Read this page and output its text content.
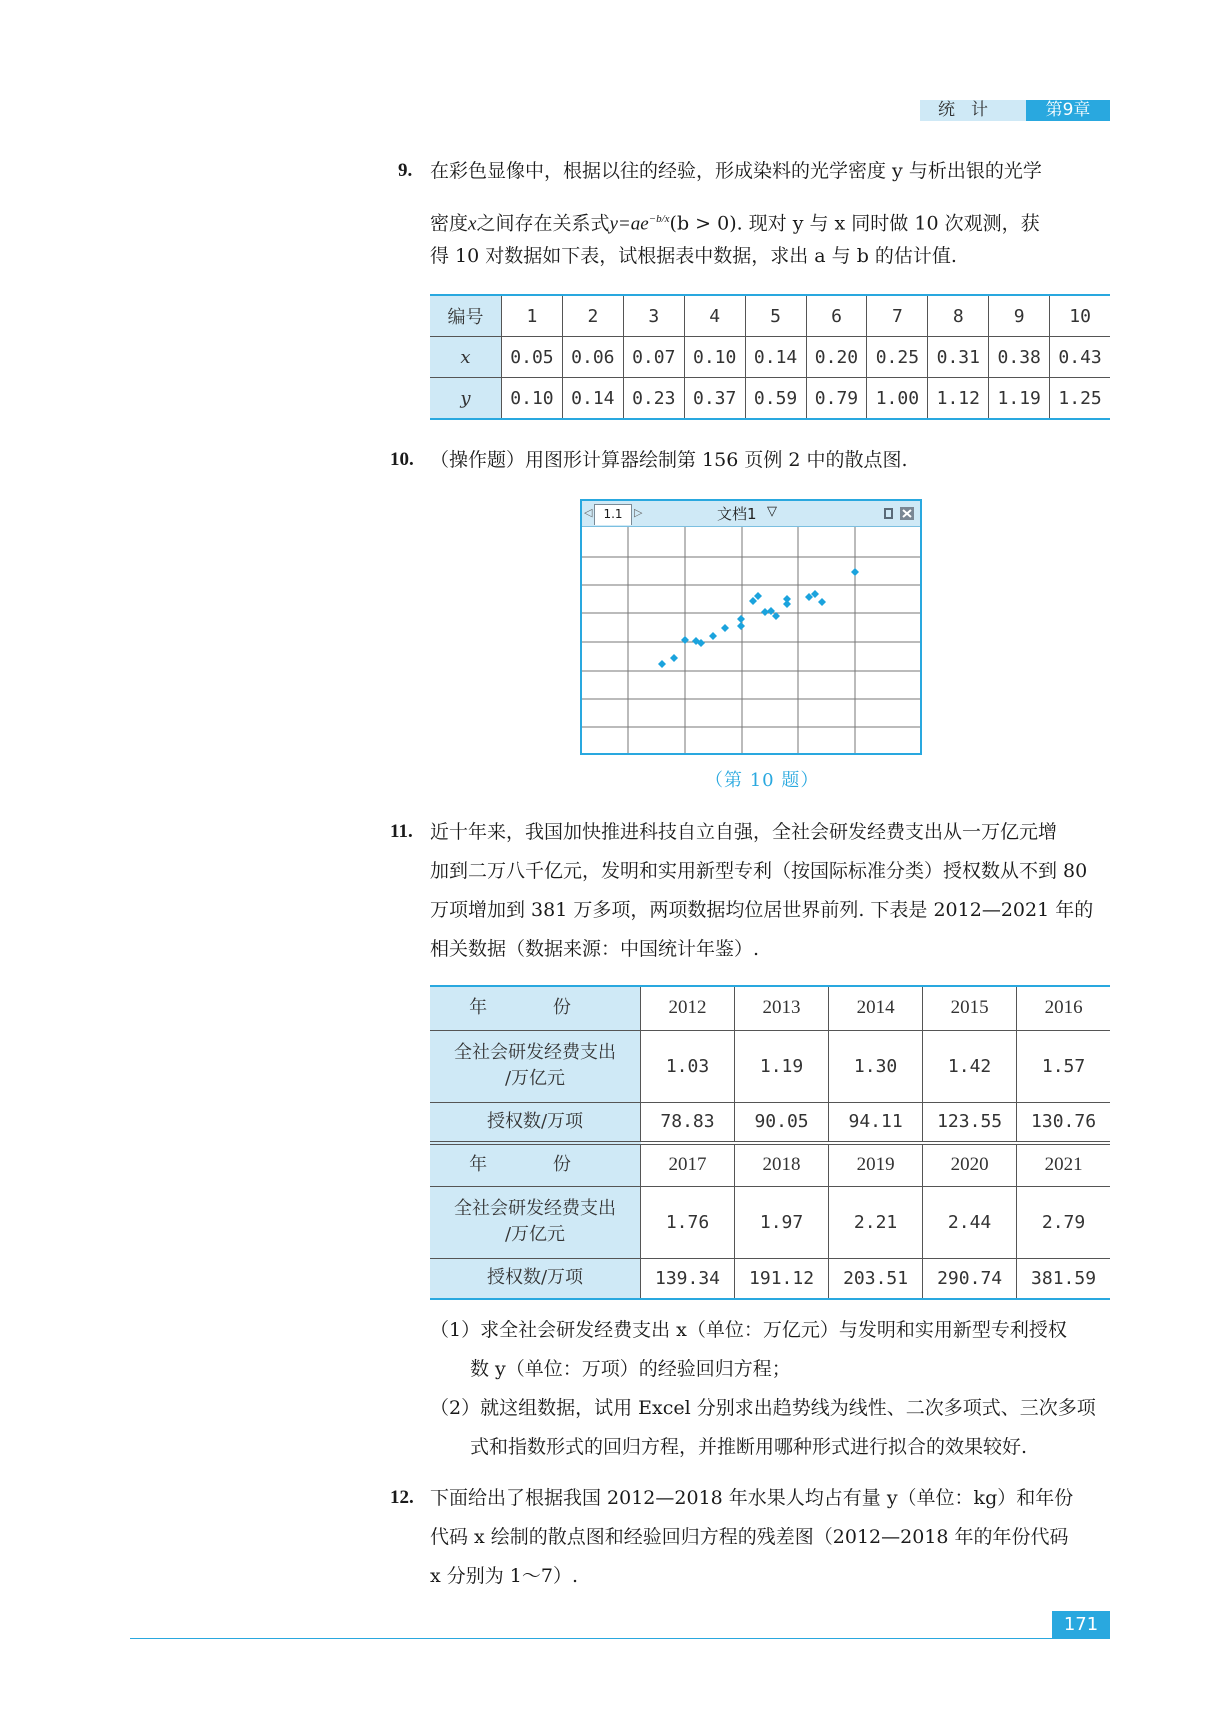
统计	第9章
9. 在彩色显像中，根据以往的经验，形成染料的光学密度 y 与析出银的光学
密度x之间存在关系式$y=ae^{-b/x}(b > 0)$. 现对 y 与 x 同时做 10 次观测，获
得 10 对数据如下表，试根据表中数据，求出 a 与 b 的估计值.
编号	1	2	3	4	5	6	7	8	9	10
x	0.05	0.06	0.07	0.10	0.14	0.20	0.25	0.31	0.38	0.43
y	0.10	0.14	0.23	0.37	0.59	0.79	1.00	1.12	1.19	1.25
10. （操作题）用图形计算器绘制第 156 页例 2 中的散点图.
◁ 1.1	▷	文档1 ▽
（第 10 题）
11. 近十年来，我国加快推进科技自立自强，全社会研发经费支出从一万亿元增
加到二万八千亿元，发明和实用新型专利（按国际标准分类）授权数从不到 80
万项增加到 381 万多项，两项数据均位居世界前列. 下表是 2012—2021 年的
相关数据（数据来源：中国统计年鉴）.
年 份	2012	2013	2014	2015	2016

全社会研发经费支出
/万亿元	1.03	1.19	1.30	1.42	1.57
授权数/万项	78.83	90.05	94.11	123.55	130.76
年 份	2017	2018	2019	2020	2021

全社会研发经费支出
/万亿元	1.76	1.97	2.21	2.44	2.79
授权数/万项	139.34	191.12	203.51	290.74	381.59
（1）求全社会研发经费支出 x（单位：万亿元）与发明和实用新型专利授权
数 y（单位：万项）的经验回归方程；
（2）就这组数据，试用 Excel 分别求出趋势线为线性、二次多项式、三次多项
式和指数形式的回归方程，并推断用哪种形式进行拟合的效果较好.
12. 下面给出了根据我国 2012—2018 年水果人均占有量 y（单位：kg）和年份
代码 x 绘制的散点图和经验回归方程的残差图（2012—2018 年的年份代码
x 分别为 1～7）.
171
